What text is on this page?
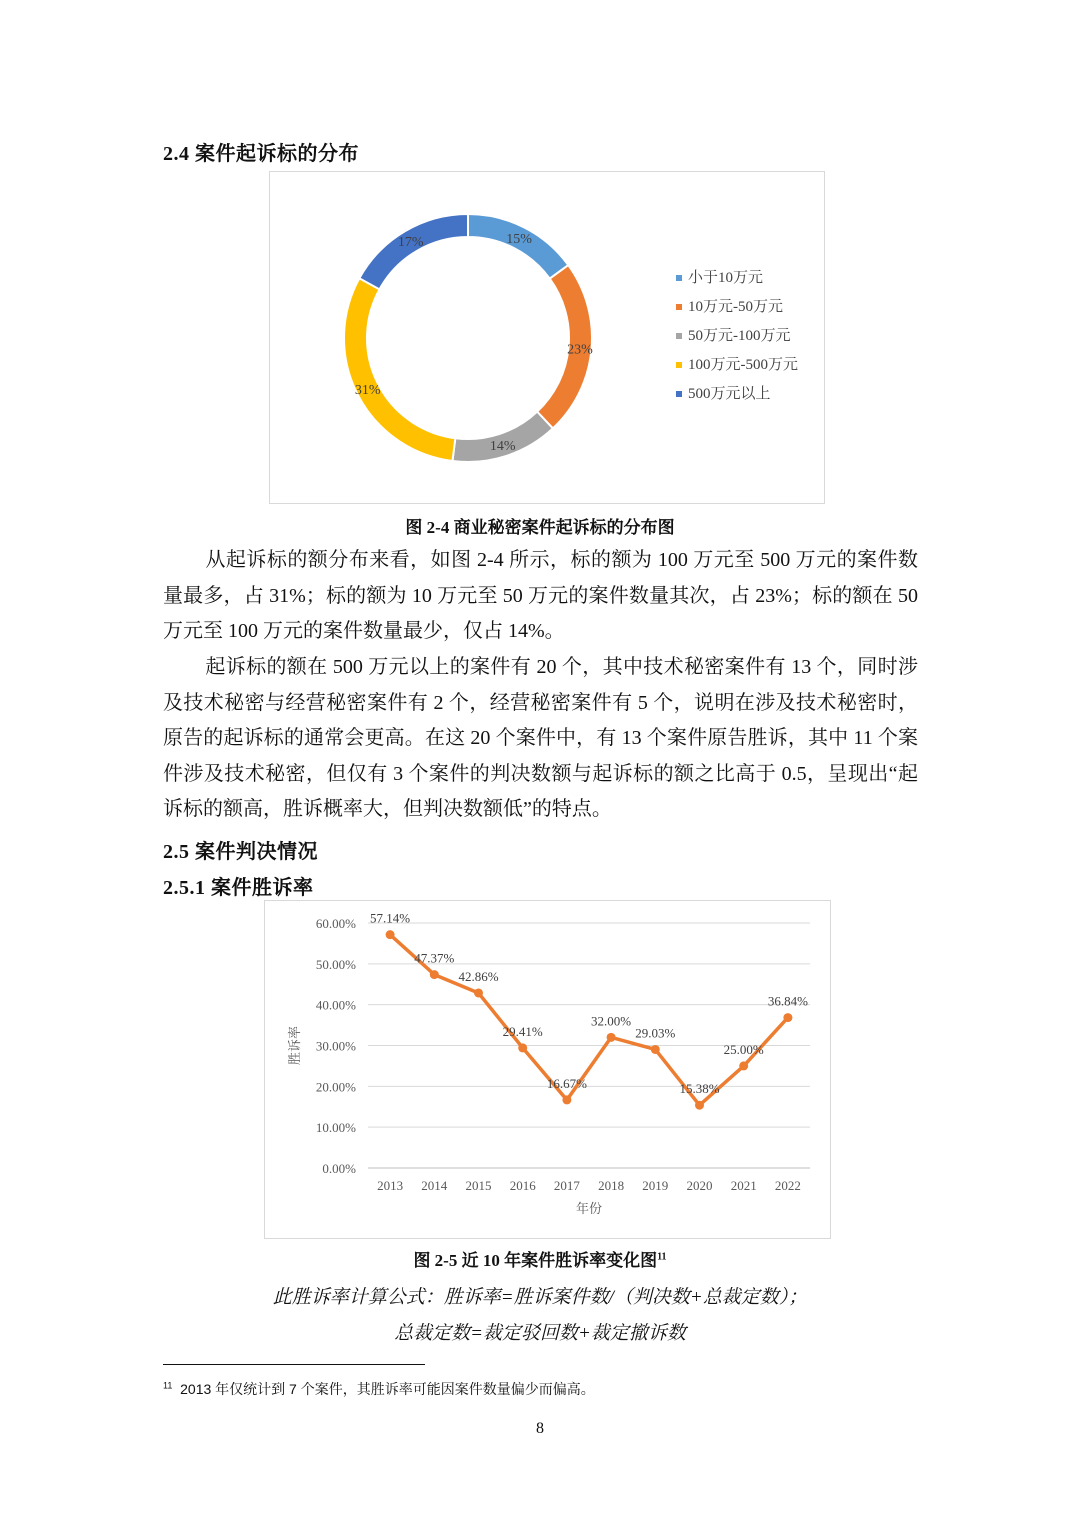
2.4 案件起诉标的分布
15%
23%
14%
31%
17%
小于10万元
10万元-50万元
50万元-100万元
100万元-500万元
500万元以上
图 2-4 商业秘密案件起诉标的分布图

从起诉标的额分布来看，如图 2-4 所示，标的额为 100 万元至 500 万元的案件数量最多，占 31%；标的额为 10 万元至 50 万元的案件数量其次，占 23%；标的额在 50 万元至 100 万元的案件数量最少，仅占 14%。

起诉标的额在 500 万元以上的案件有 20 个，其中技术秘密案件有 13 个，同时涉及技术秘密与经营秘密案件有 2 个，经营秘密案件有 5 个，说明在涉及技术秘密时，原告的起诉标的通常会更高。在这 20 个案件中，有 13 个案件原告胜诉，其中 11 个案件涉及技术秘密，但仅有 3 个案件的判决数额与起诉标的额之比高于 0.5，呈现出“起诉标的额高，胜诉概率大，但判决数额低”的特点。

2.5 案件判决情况
2.5.1 案件胜诉率
0.00%
10.00%
20.00%
30.00%
40.00%
50.00%
60.00%
2013 2014 2015 2016 2017 2018 2019 2020 2021 2022
年份
胜诉率
57.14%
47.37%
42.86%
29.41%
16.67%
32.00%
29.03%
15.38%
25.00%
36.84%
图 2-5 近 10 年案件胜诉率变化图$^{11}$
此胜诉率计算公式：胜诉率=胜诉案件数/（判决数+总裁定数）；
总裁定数=裁定驳回数+裁定撤诉数
$^{11}$ 2013 年仅统计到 7 个案件，其胜诉率可能因案件数量偏少而偏高。
8
